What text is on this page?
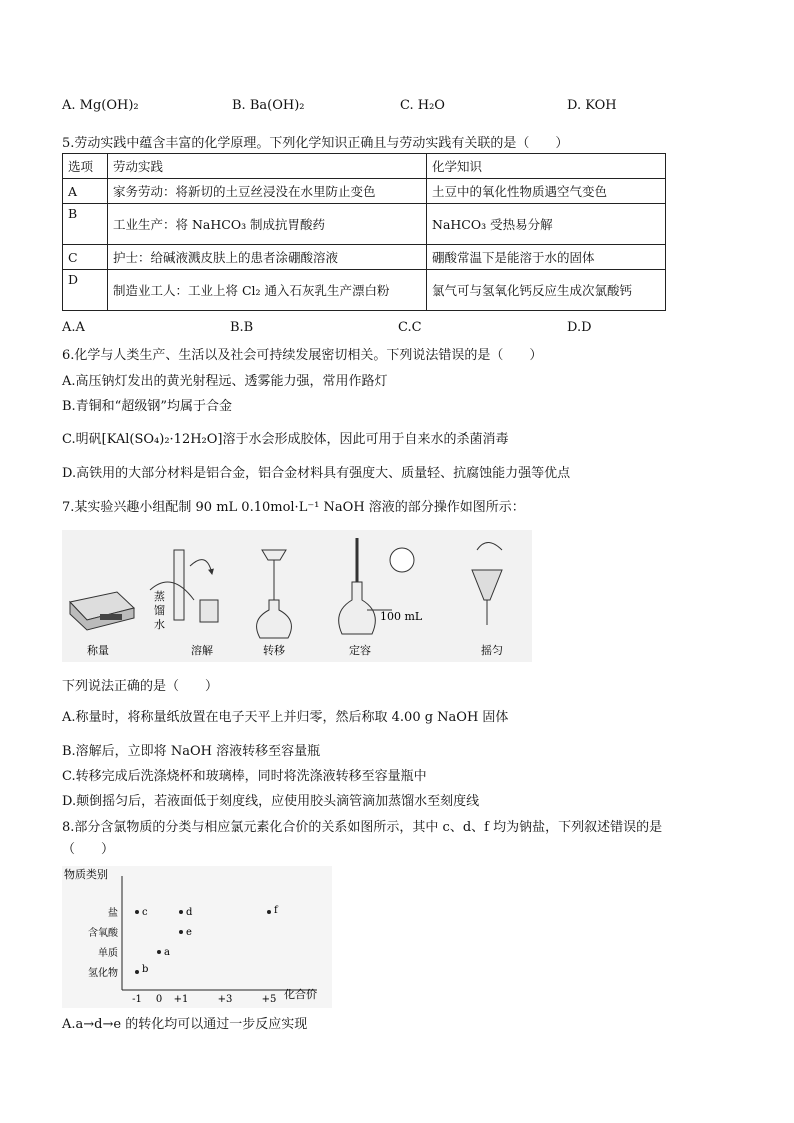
A. Mg(OH)₂	B. Ba(OH)₂	C. H₂O	D. KOH
5.劳动实践中蕴含丰富的化学原理。下列化学知识正确且与劳动实践有关联的是（　　）
选项	劳动实践	化学知识
A	家务劳动：将新切的土豆丝浸没在水里防止变色	土豆中的氧化性物质遇空气变色
B	工业生产：将 NaHCO₃ 制成抗胃酸药	NaHCO₃ 受热易分解
C	护士：给碱液溅皮肤上的患者涂硼酸溶液	硼酸常温下是能溶于水的固体
D	制造业工人：工业上将 Cl₂ 通入石灰乳生产漂白粉	氯气可与氢氧化钙反应生成次氯酸钙
A.A	B.B	C.C	D.D
6.化学与人类生产、生活以及社会可持续发展密切相关。下列说法错误的是（　　）
A.高压钠灯发出的黄光射程远、透雾能力强，常用作路灯
B.青铜和“超级钢”均属于合金
C.明矾[KAl(SO₄)₂·12H₂O]溶于水会形成胶体，因此可用于自来水的杀菌消毒
D.高铁用的大部分材料是铝合金，铝合金材料具有强度大、质量轻、抗腐蚀能力强等优点
7.某实验兴趣小组配制 90 mL 0.10mol·L⁻¹ NaOH 溶液的部分操作如图所示：
蒸
馏
水
100 mL
称量	溶解	转移	定容	摇匀
下列说法正确的是（　　）
A.称量时，将称量纸放置在电子天平上并归零，然后称取 4.00 g NaOH 固体
B.溶解后，立即将 NaOH 溶液转移至容量瓶
C.转移完成后洗涤烧杯和玻璃棒，同时将洗涤液转移至容量瓶中
D.颠倒摇匀后，若液面低于刻度线，应使用胶头滴管滴加蒸馏水至刻度线
8.部分含氯物质的分类与相应氯元素化合价的关系如图所示，其中 c、d、f 均为钠盐，下列叙述错误的是
（　　）
物质类别
化合价
氢化物
单质
含氧酸
盐
-1 0 +1	+3	+5
b
a
e
c	d	f
A.a→d→e 的转化均可以通过一步反应实现
